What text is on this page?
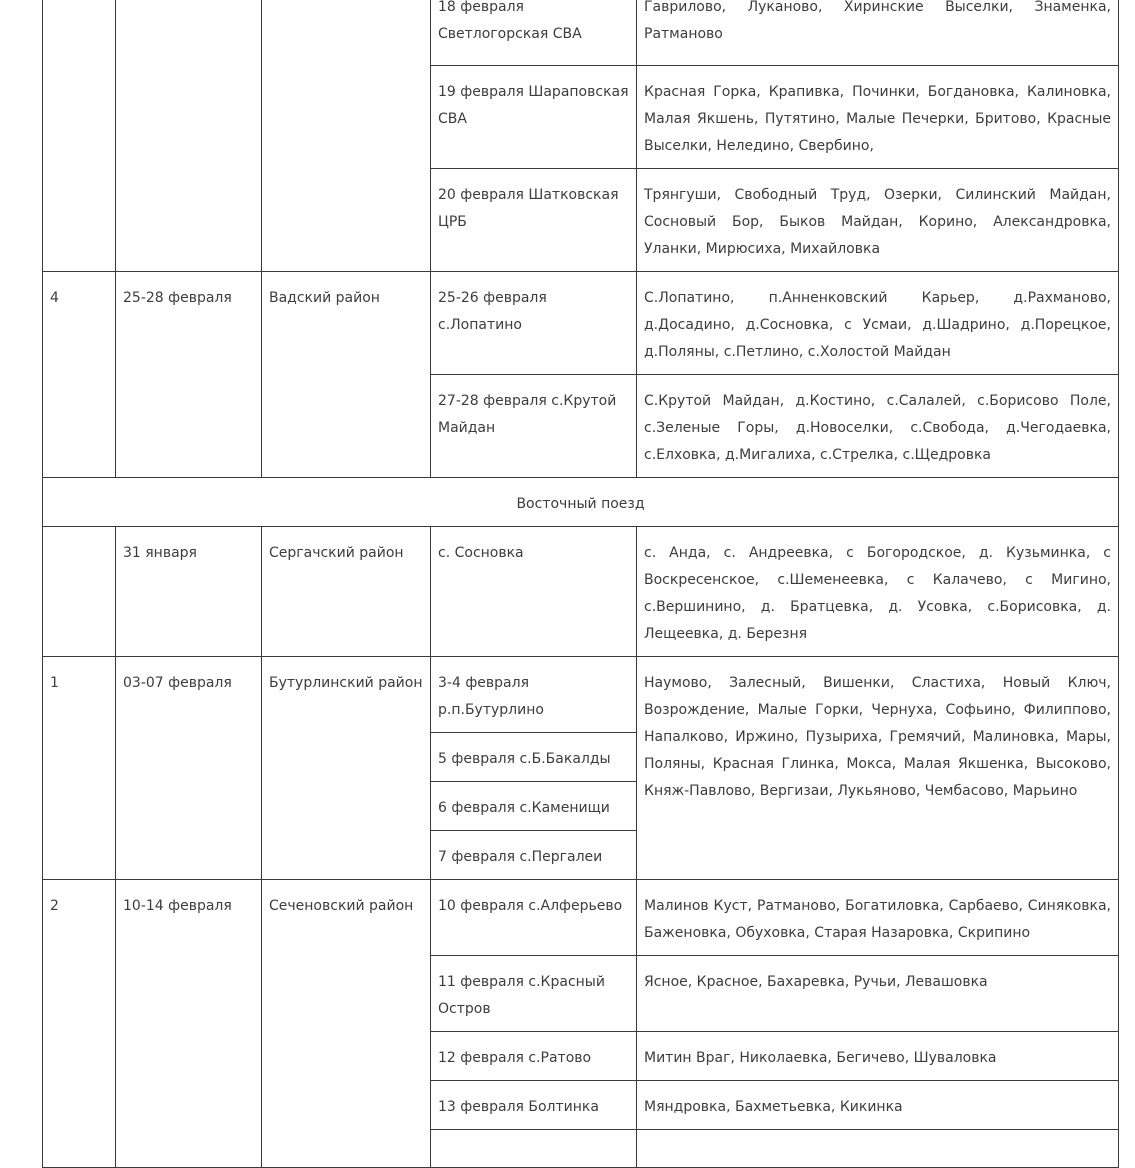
			18 февраля Светлогорская СВА	Гаврилово, Луканово, Хиринские Выселки, Знаменка, Ратманово
			19 февраля Шараповская СВА	Красная Горка, Крапивка, Починки, Богдановка, Калиновка, Малая Якшень, Путятино, Малые Печерки, Бритово, Красные Выселки, Неледино, Свербино,
			20 февраля Шатковская ЦРБ	Трянгуши, Свободный Труд, Озерки, Силинский Майдан, Сосновый Бор, Быков Майдан, Корино, Александровка, Уланки, Мирюсиха, Михайловка
4	25-28 февраля	Вадский район	25-26 февраля с.Лопатино	С.Лопатино, п.Анненковский Карьер, д.Рахманово, д.Досадино, д.Сосновка, с Усмаи, д.Шадрино, д.Порецкое, д.Поляны, с.Петлино, с.Холостой Майдан
			27-28 февраля с.Крутой Майдан	С.Крутой Майдан, д.Костино, с.Салалей, с.Борисово Поле, с.Зеленые Горы, д.Новоселки, с.Свобода, д.Чегодаевка, с.Елховка, д.Мигалиха, с.Стрелка, с.Щедровка
Восточный поезд				
	31 января	Сергачский район	с. Сосновка	с. Анда, с. Андреевка, с Богородское, д. Кузьминка, с Воскресенское, с.Шеменеевка, с Калачево, с Мигино, с.Вершинино, д. Братцевка, д. Усовка, с.Борисовка, д. Лещеевка, д. Березня
1	03-07 февраля	Бутурлинский район	3-4 февраля р.п.Бутурлино	Наумово, Залесный, Вишенки, Сластиха, Новый Ключ, Возрождение, Малые Горки, Чернуха, Софьино, Филиппово, Напалково, Иржино, Пузыриха, Гремячий, Малиновка, Мары, Поляны, Красная Глинка, Мокса, Малая Якшенка, Высоково, Княж-Павлово, Вергизаи, Лукьяново, Чембасово, Марьино
			5 февраля с.Б.Бакалды	
			6 февраля с.Каменищи	
			7 февраля с.Пергалеи	
2	10-14 февраля	Сеченовский район	10 февраля с.Алферьево	Малинов Куст, Ратманово, Богатиловка, Сарбаево, Синяковка, Баженовка, Обуховка, Старая Назаровка, Скрипино
			11 февраля с.Красный Остров	Ясное, Красное, Бахаревка, Ручьи, Левашовка
			12 февраля с.Ратово	Митин Враг, Николаевка, Бегичево, Шуваловка
			13 февраля Болтинка	Мяндровка, Бахметьевка, Кикинка
